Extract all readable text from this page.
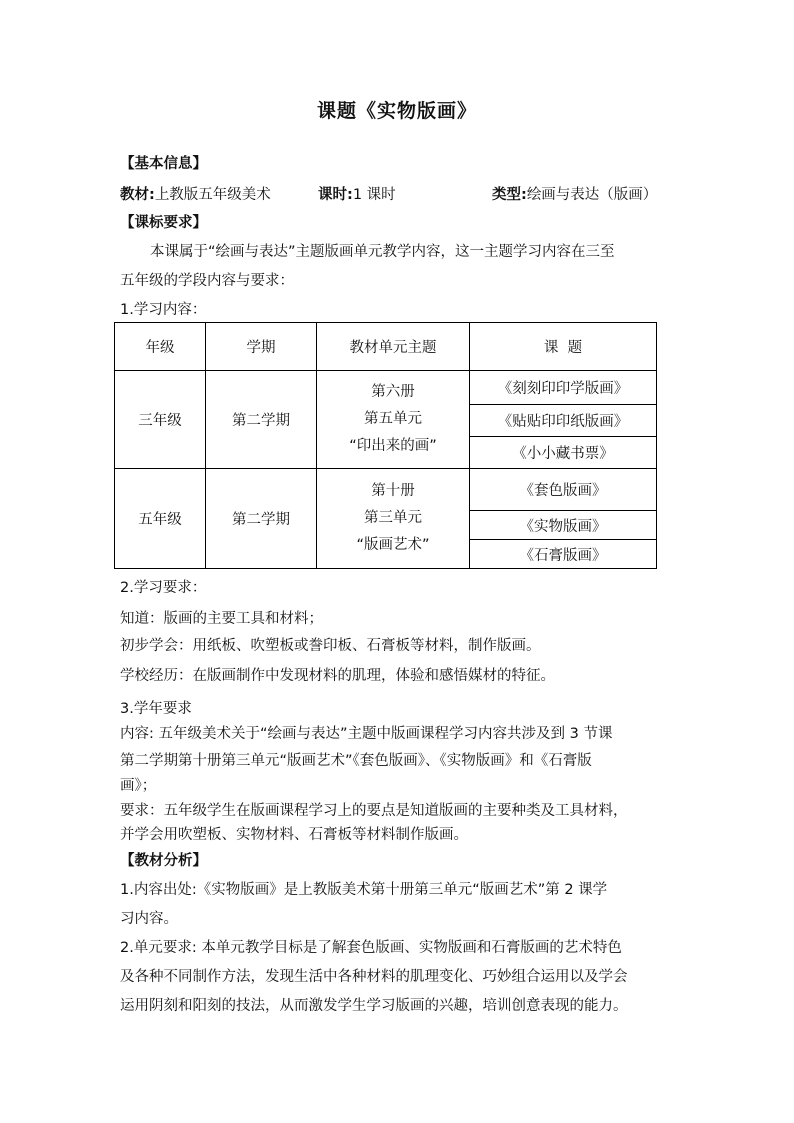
课题《实物版画》
【基本信息】
教材:上教版五年级美术	课时:1 课时	类型:绘画与表达（版画）
【课标要求】
本课属于“绘画与表达”主题版画单元教学内容，这一主题学习内容在三至
五年级的学段内容与要求：
1.学习内容：
年级	学期	教材单元主题	课  题
三年级	第二学期	第六册
第五单元
“印出来的画”	《刻刻印印学版画》
			《贴贴印印纸版画》
			《小小藏书票》
五年级	第二学期	第十册
第三单元
“版画艺术”	《套色版画》
			《实物版画》
			《石膏版画》
2.学习要求：
知道：版画的主要工具和材料；
初步学会：用纸板、吹塑板或誊印板、石膏板等材料，制作版画。
学校经历：在版画制作中发现材料的肌理，体验和感悟媒材的特征。
3.学年要求
内容: 五年级美术关于“绘画与表达”主题中版画课程学习内容共涉及到 3 节课
第二学期第十册第三单元“版画艺术”《套色版画》、《实物版画》和《石膏版
画》；
要求：五年级学生在版画课程学习上的要点是知道版画的主要种类及工具材料，
并学会用吹塑板、实物材料、石膏板等材料制作版画。
【教材分析】
1.内容出处:《实物版画》是上教版美术第十册第三单元“版画艺术”第 2 课学
习内容。
2.单元要求: 本单元教学目标是了解套色版画、实物版画和石膏版画的艺术特色
及各种不同制作方法，发现生活中各种材料的肌理变化、巧妙组合运用以及学会
运用阴刻和阳刻的技法，从而激发学生学习版画的兴趣，培训创意表现的能力。
